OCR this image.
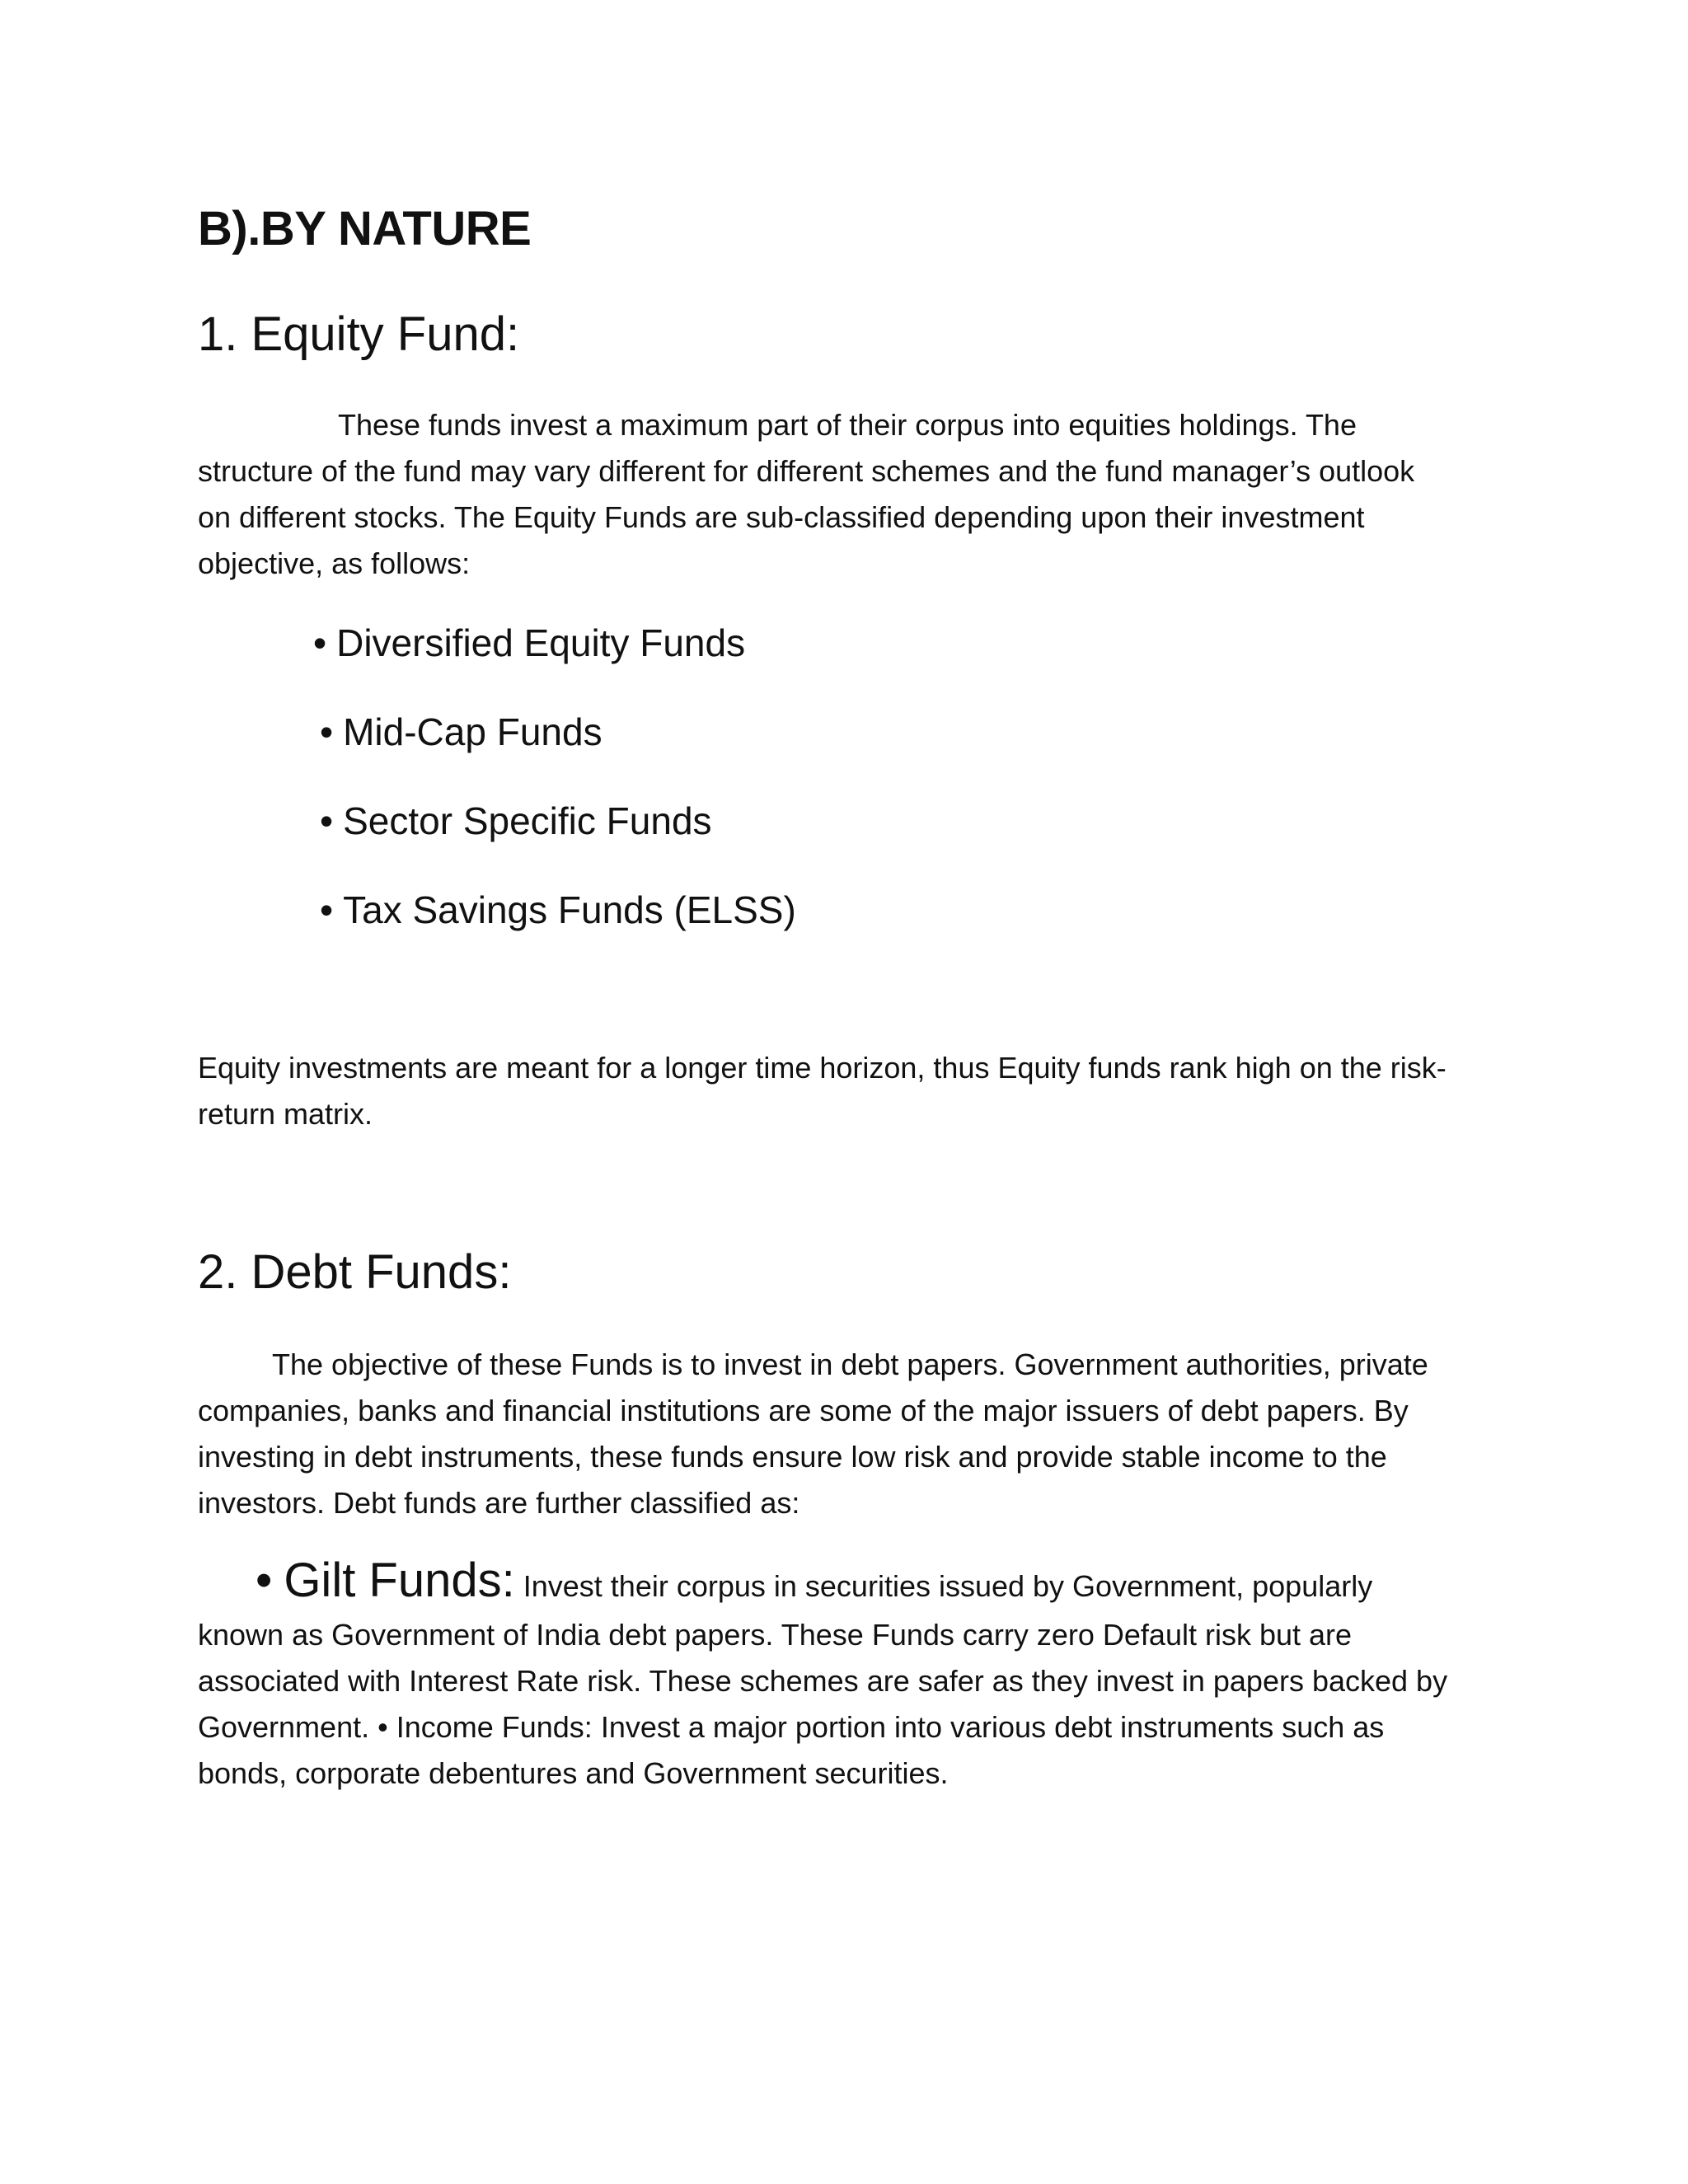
B).BY NATURE
1. Equity Fund:
These funds invest a maximum part of their corpus into equities holdings. The
structure of the fund may vary different for different schemes and the fund manager’s outlook
on different stocks. The Equity Funds are sub-classified depending upon their investment
objective, as follows:
• Diversified Equity Funds
• Mid-Cap Funds
• Sector Specific Funds
• Tax Savings Funds (ELSS)
Equity investments are meant for a longer time horizon, thus Equity funds rank high on the risk-
return matrix.
2. Debt Funds:
The objective of these Funds is to invest in debt papers. Government authorities, private
companies, banks and financial institutions are some of the major issuers of debt papers. By
investing in debt instruments, these funds ensure low risk and provide stable income to the
investors. Debt funds are further classified as:
• Gilt Funds: Invest their corpus in securities issued by Government, popularly
known as Government of India debt papers. These Funds carry zero Default risk but are
associated with Interest Rate risk. These schemes are safer as they invest in papers backed by
Government. • Income Funds: Invest a major portion into various debt instruments such as
bonds, corporate debentures and Government securities.
